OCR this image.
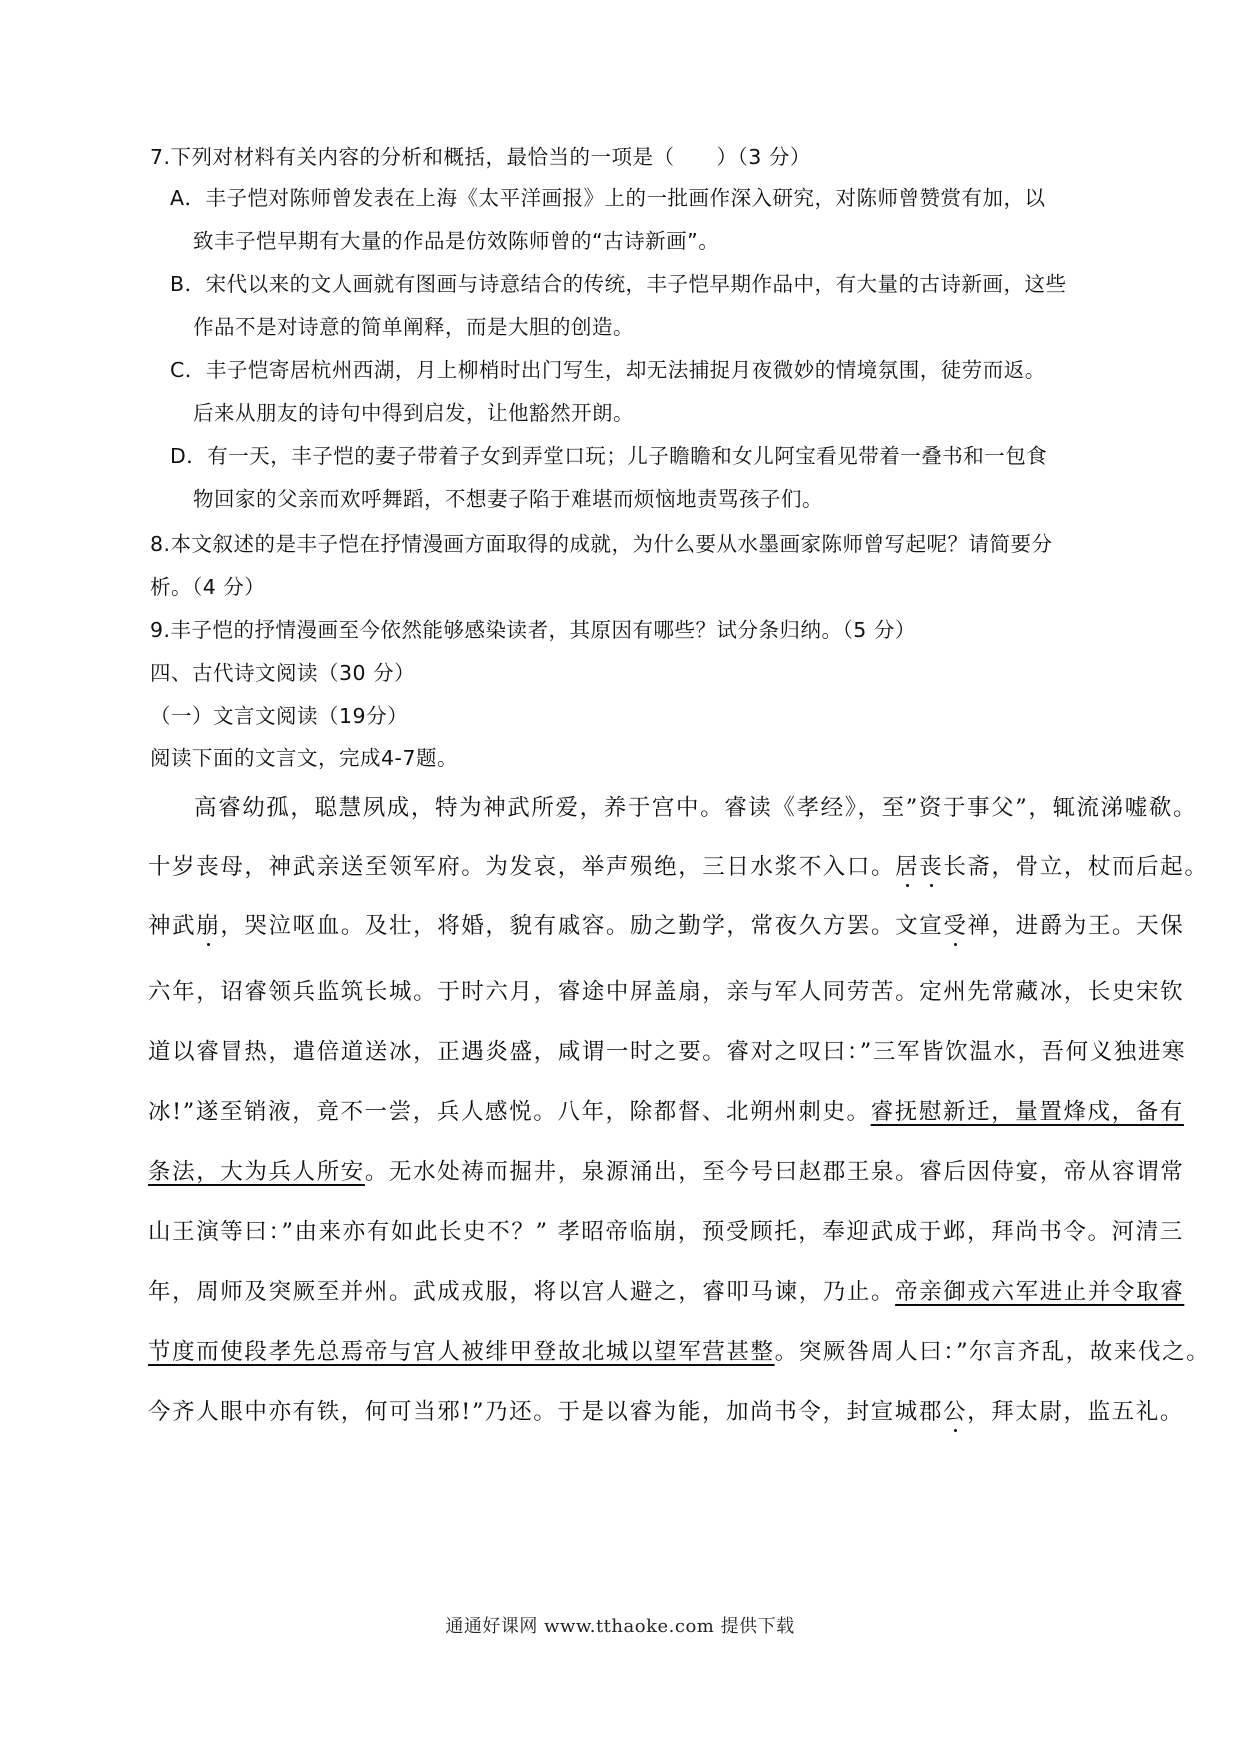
7.下列对材料有关内容的分析和概括，最恰当的一项是（　　）（3 分）
A．丰子恺对陈师曾发表在上海《太平洋画报》上的一批画作深入研究，对陈师曾赞赏有加，以
致丰子恺早期有大量的作品是仿效陈师曾的“古诗新画”。
B．宋代以来的文人画就有图画与诗意结合的传统，丰子恺早期作品中，有大量的古诗新画，这些
作品不是对诗意的简单阐释，而是大胆的创造。
C．丰子恺寄居杭州西湖，月上柳梢时出门写生，却无法捕捉月夜微妙的情境氛围，徒劳而返。
后来从朋友的诗句中得到启发，让他豁然开朗。
D．有一天，丰子恺的妻子带着子女到弄堂口玩；儿子瞻瞻和女儿阿宝看见带着一叠书和一包食
物回家的父亲而欢呼舞蹈，不想妻子陷于难堪而烦恼地责骂孩子们。
8.本文叙述的是丰子恺在抒情漫画方面取得的成就，为什么要从水墨画家陈师曾写起呢？请简要分
析。（4 分）
9.丰子恺的抒情漫画至今依然能够感染读者，其原因有哪些？试分条归纳。（5 分）
四、古代诗文阅读（30 分）
（一）文言文阅读（19分）
阅读下面的文言文，完成4-7题。
高睿幼孤，聪慧夙成，特为神武所爱，养于宫中。睿读《孝经》，至”资于事父”，辄流涕嘘欷。
十岁丧母，神武亲送至领军府。为发哀，举声殒绝，三日水浆不入口。居丧长斋，骨立，杖而后起。
神武崩，哭泣呕血。及壮，将婚，貌有戚容。励之勤学，常夜久方罢。文宣受禅，进爵为王。天保
六年，诏睿领兵监筑长城。于时六月，睿途中屏盖扇，亲与军人同劳苦。定州先常藏冰，长史宋钦
道以睿冒热，遣倍道送冰，正遇炎盛，咸谓一时之要。睿对之叹曰：”三军皆饮温水，吾何义独进寒
冰!”遂至销液，竟不一尝，兵人感悦。八年，除都督、北朔州刺史。睿抚慰新迁，量置烽戍，备有
条法，大为兵人所安。无水处祷而掘井，泉源涌出，至今号曰赵郡王泉。睿后因侍宴，帝从容谓常
山王演等曰：”由来亦有如此长史不？” 孝昭帝临崩，预受顾托，奉迎武成于邺，拜尚书令。河清三
年，周师及突厥至并州。武成戎服，将以宫人避之，睿叩马谏，乃止。帝亲御戎六军进止并令取睿
节度而使段孝先总焉帝与宫人被绯甲登故北城以望军营甚整。突厥咎周人曰：”尔言齐乱，故来伐之。
今齐人眼中亦有铁，何可当邪!”乃还。于是以睿为能，加尚书令，封宣城郡公，拜太尉，监五礼。
通通好课网 www.tthaoke.com 提供下载
